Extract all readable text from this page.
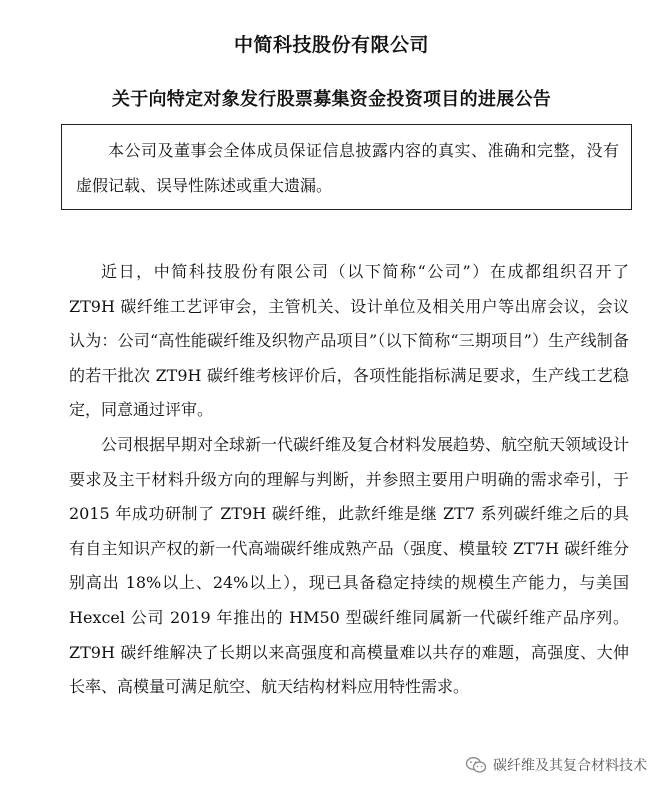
中简科技股份有限公司
关于向特定对象发行股票募集资金投资项目的进展公告

本公司及董事会全体成员保证信息披露内容的真实、准确和完整，没有虚假记载、误导性陈述或重大遗漏。

近日，中简科技股份有限公司（以下简称“公司”）在成都组织召开了 ZT9H 碳纤维工艺评审会，主管机关、设计单位及相关用户等出席会议，会议认为：公司“高性能碳纤维及织物产品项目”（以下简称“三期项目”）生产线制备的若干批次 ZT9H 碳纤维考核评价后，各项性能指标满足要求，生产线工艺稳定，同意通过评审。

公司根据早期对全球新一代碳纤维及复合材料发展趋势、航空航天领域设计要求及主干材料升级方向的理解与判断，并参照主要用户明确的需求牵引，于 2015 年成功研制了 ZT9H 碳纤维，此款纤维是继 ZT7 系列碳纤维之后的具有自主知识产权的新一代高端碳纤维成熟产品（强度、模量较 ZT7H 碳纤维分别高出 18%以上、24%以上），现已具备稳定持续的规模生产能力，与美国 Hexcel 公司 2019 年推出的 HM50 型碳纤维同属新一代碳纤维产品序列。ZT9H 碳纤维解决了长期以来高强度和高模量难以共存的难题，高强度、大伸长率、高模量可满足航空、航天结构材料应用特性需求。

碳纤维及其复合材料技术
